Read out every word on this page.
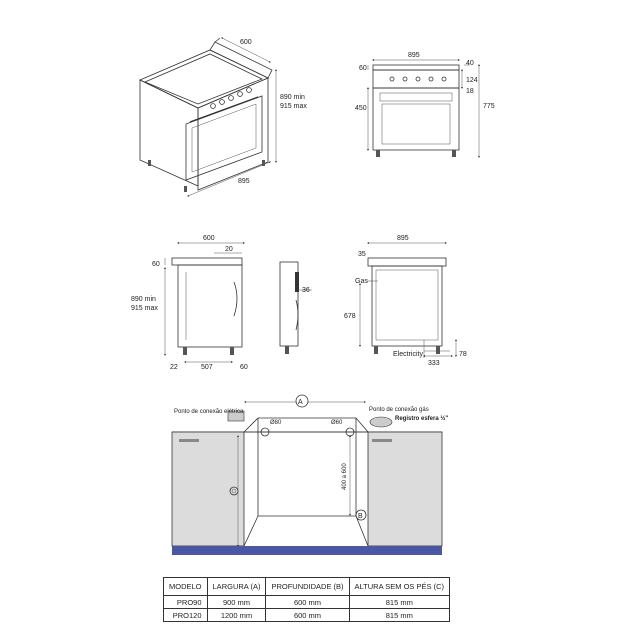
600
890 min
915 max
895
895
60
450
40
124
18
775
600
20
60
890 min
915 max
22	507	60
36
895
35
Gas
678
Electricity
333
78
A
Ponto de conexão elétrica	Ponto de conexão gás
Registro esfera ½"
Ø80	Ø60
400 a 600
B
MODELO	LARGURA (A)	PROFUNDIDADE (B)	ALTURA SEM OS PÉS (C)
PRO90	900 mm	600 mm	815 mm
PRO120	1200 mm	600 mm	815 mm
